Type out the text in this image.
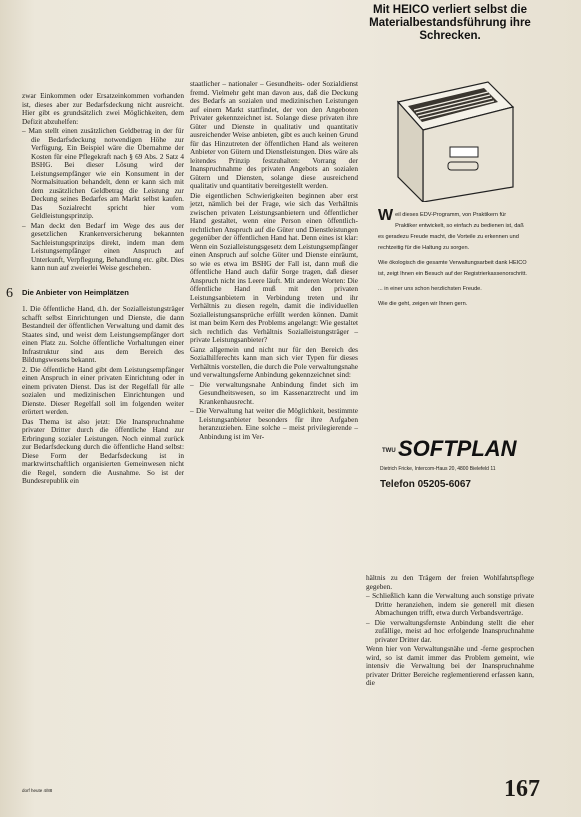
zwar Einkommen oder Ersatzeinkommen vorhanden ist, dieses aber zur Bedarfsdeckung nicht ausreicht. Hier gibt es grundsätzlich zwei Möglichkeiten, dem Defizit abzuhelfen:

– Man stellt einen zusätzlichen Geldbetrag in der für die Bedarfsdeckung notwendigen Höhe zur Verfügung. Ein Beispiel wäre die Übernahme der Kosten für eine Pflegekraft nach § 69 Abs. 2 Satz 4 BSHG. Bei dieser Lösung wird der Leistungsempfänger wie ein Konsument in der Normalsituation behandelt, denn er kann sich mit dem zusätzlichen Geldbetrag die Leistung zur Deckung seines Bedarfes am Markt selbst kaufen. Das Sozialrecht spricht hier vom Geldleistungsprinzip.

– Man deckt den Bedarf im Wege des aus der gesetzlichen Krankenversicherung bekannten Sachleistungsprinzips direkt, indem man dem Leistungsempfänger einen Anspruch auf Unterkunft, Verpflegung, Behandlung etc. gibt. Dies kann nun auf zweierlei Weise geschehen.

Die Anbieter von Heimplätzen

1. Die öffentliche Hand, d.h. der Sozialleistungsträger schafft selbst Einrichtungen und Dienste, die dann Bestandteil der öffentlichen Verwaltung und damit des Staates sind, und weist dem Leistungsempfänger dort einen Platz zu. Solche öffentliche Vorhaltungen einer Infrastruktur sind aus dem Bereich des Bildungswesens bekannt.

2. Die öffentliche Hand gibt dem Leistungsempfänger einen Anspruch in einer privaten Einrichtung oder in einem privaten Dienst. Das ist der Regelfall für alle sozialen und medizinischen Einrichtungen und Dienste. Dieser Regelfall soll im folgenden weiter erörtert werden.

Das Thema ist also jetzt: Die Inanspruchnahme privater Dritter durch die öffentliche Hand zur Erbringung sozialer Leistungen. Noch einmal zurück zur Bedarfsdeckung durch die öffentliche Hand selbst: Diese Form der Bedarfsdeckung ist in marktwirtschaftlich organisierten Gemeinwesen nicht die Regel, sondern die Ausnahme. So ist der Bundesrepublik ein

6

staatlicher – nationaler – Gesundheits- oder Sozialdienst fremd. Vielmehr geht man davon aus, daß die Deckung des Bedarfs an sozialen und medizinischen Leistungen auf einem Markt stattfindet, der von den Angeboten Privater gekennzeichnet ist. Solange diese privaten ihre Güter und Dienste in qualitativ und quantitativ ausreichender Weise anbieten, gibt es auch keinen Grund für das Hinzutreten der öffentlichen Hand als weiteren Anbieter von Gütern und Dienstleistungen. Dies wäre als leitendes Prinzip festzuhalten: Vorrang der Inanspruchnahme des privaten Angebots an sozialen Gütern und Diensten, solange diese ausreichend qualitativ und quantitativ bereitgestellt werden.

Die eigentlichen Schwierigkeiten beginnen aber erst jetzt, nämlich bei der Frage, wie sich das Verhältnis zwischen privaten Leistungsanbietern und öffentlicher Hand gestaltet, wenn eine Person einen öffentlich-rechtlichen Anspruch auf die Güter und Dienstleistungen gegenüber der öffentlichen Hand hat. Denn eines ist klar: Wenn ein Sozialleistungsgesetz dem Leistungsempfänger einen Anspruch auf solche Güter und Dienste einräumt, so wie es etwa im BSHG der Fall ist, dann muß die öffentliche Hand auch dafür Sorge tragen, daß dieser Anspruch nicht ins Leere läuft. Mit anderen Worten: Die öffentliche Hand muß mit den privaten Leistungsanbietern in Verbindung treten und ihr Verhältnis zu diesen regeln, damit die individuellen Sozialleistungsansprüche erfüllt werden können. Damit ist man beim Kern des Problems angelangt: Wie gestaltet sich rechtlich das Verhältnis Sozialleistungsträger – private Leistungsanbieter?

Ganz allgemein und nicht nur für den Bereich des Sozialhilferechts kann man sich vier Typen für dieses Verhältnis vorstellen, die durch die Pole verwaltungsnahe und verwaltungsferne Anbindung gekennzeichnet sind:

– Die verwaltungsnahe Anbindung findet sich im Gesundheitswesen, so im Kassenarztrecht und im Krankenhausrecht.

– Die Verwaltung hat weiter die Möglichkeit, bestimmte Leistungsanbieter besonders für ihre Aufgaben heranzuziehen. Eine solche – meist privilegierende – Anbindung ist im Ver-

Mit HEICO verliert selbst die Materialbestandsführung ihre Schrecken.

Weil dieses EDV-Programm, von Praktikern für Praktiker entwickelt, so einfach zu bedienen ist, daß es geradezu Freude macht, die Vorteile zu erkennen und rechtzeitig für die Haltung zu sorgen.

Wie ökologisch die gesamte Verwaltungsarbeit dank HEICO ist, zeigt Ihnen ein Besuch auf der Registrierkassenorschritt.

... in einer uns schon herzlichsten Freude.

Wie die geht, zeigen wir Ihnen gern.

TWU SOFTPLAN
Dietrich Fricke, Intercom-Haus 20, 4800 Bielefeld 11
Telefon 05205-6067

hältnis zu den Trägern der freien Wohlfahrtspflege gegeben.

– Schließlich kann die Verwaltung auch sonstige private Dritte heranziehen, indem sie generell mit diesen Abmachungen trifft, etwa durch Verbandsverträge.

– Die verwaltungsfernste Anbindung stellt die eher zufällige, meist ad hoc erfolgende Inanspruchnahme privater Dritter dar.

Wenn hier von Verwaltungsnähe und -ferne gesprochen wird, so ist damit immer das Problem gemeint, wie intensiv die Verwaltung bei der Inanspruchnahme privater Dritter Bereiche reglementierend erfassen kann, die

dorf heute 4/88	167
